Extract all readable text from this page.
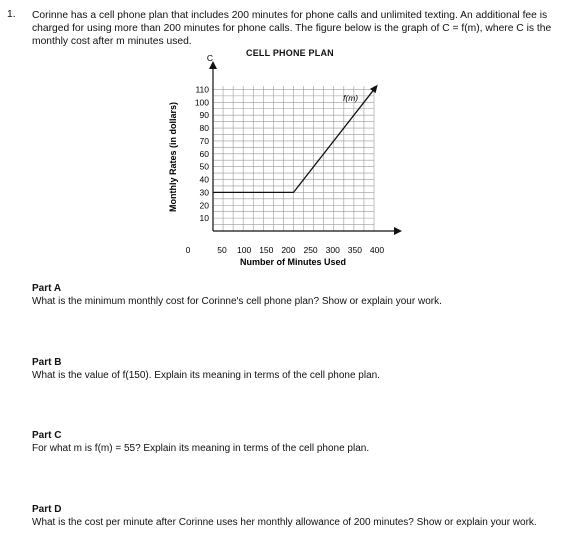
1. Corinne has a cell phone plan that includes 200 minutes for phone calls and unlimited texting. An additional fee is charged for using more than 200 minutes for phone calls. The figure below is the graph of C = f(m), where C is the monthly cost after m minutes used.
CELL PHONE PLAN
C
10
20
30
40
50
60
70
80
90
100
110
0	50 100 150 200 250 300 350 400
Number of Minutes Used
Monthly Rates (in dollars)
f(m)
Part A
What is the minimum monthly cost for Corinne's cell phone plan? Show or explain your work.
Part B
What is the value of f(150). Explain its meaning in terms of the cell phone plan.
Part C
For what m is f(m) = 55? Explain its meaning in terms of the cell phone plan.
Part D
What is the cost per minute after Corinne uses her monthly allowance of 200 minutes? Show or explain your work.
